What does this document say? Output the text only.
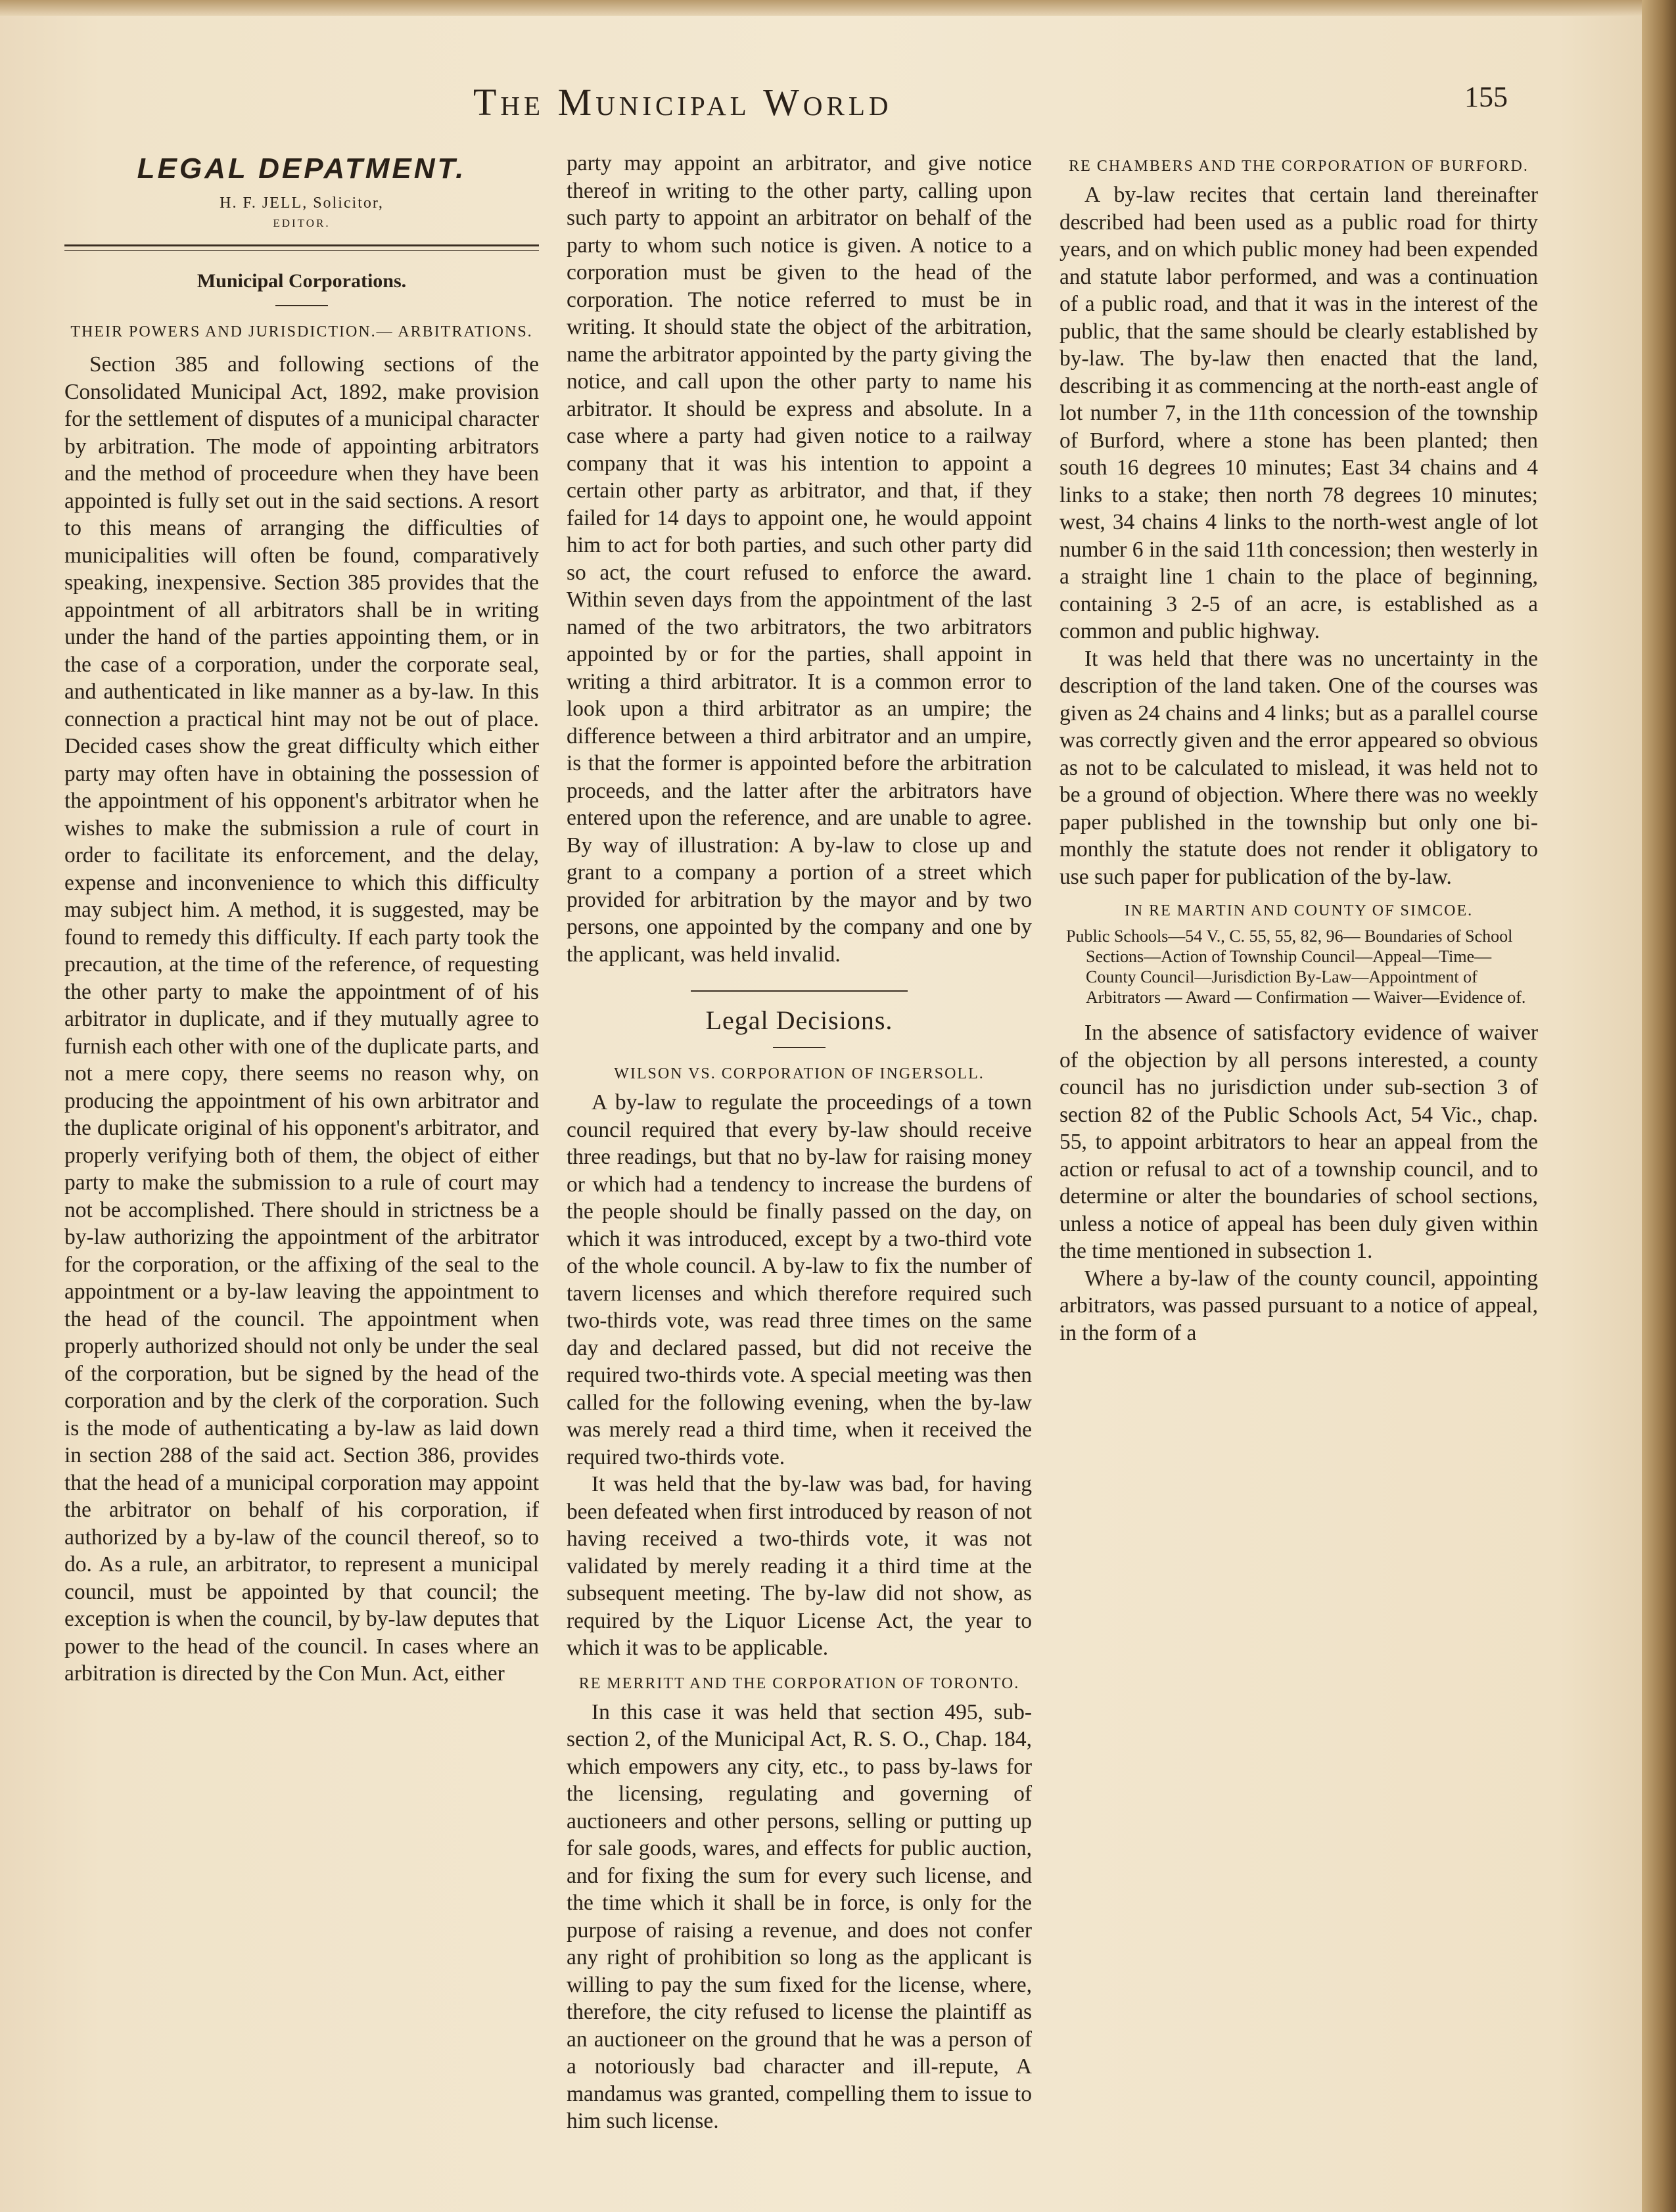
The Municipal World	155
LEGAL DEPATMENT.
H. F. JELL, Solicitor,
EDITOR.
Municipal Corporations.
THEIR POWERS AND JURISDICTION.— ARBITRATIONS.

Section 385 and following sections of the Consolidated Municipal Act, 1892, make provision for the settlement of disputes of a municipal character by arbitration. The mode of appointing arbitrators and the method of proceedure when they have been appointed is fully set out in the said sections. A resort to this means of arranging the difficulties of municipalities will often be found, comparatively speaking, inexpensive. Section 385 provides that the appointment of all arbitrators shall be in writing under the hand of the parties appointing them, or in the case of a corporation, under the corporate seal, and authenticated in like manner as a by-law. In this connection a practical hint may not be out of place. Decided cases show the great difficulty which either party may often have in obtaining the possession of the appointment of his opponent's arbitrator when he wishes to make the submission a rule of court in order to facilitate its enforcement, and the delay, expense and inconvenience to which this difficulty may subject him. A method, it is suggested, may be found to remedy this difficulty. If each party took the precaution, at the time of the reference, of requesting the other party to make the appointment of of his arbitrator in duplicate, and if they mutually agree to furnish each other with one of the duplicate parts, and not a mere copy, there seems no reason why, on producing the appointment of his own arbitrator and the duplicate original of his opponent's arbitrator, and properly verifying both of them, the object of either party to make the submission to a rule of court may not be accomplished. There should in strictness be a by-law authorizing the appointment of the arbitrator for the corporation, or the affixing of the seal to the appointment or a by-law leaving the appointment to the head of the council. The appointment when properly authorized should not only be under the seal of the corporation, but be signed by the head of the corporation and by the clerk of the corporation. Such is the mode of authenticating a by-law as laid down in section 288 of the said act. Section 386, provides that the head of a municipal corporation may appoint the arbitrator on behalf of his corporation, if authorized by a by-law of the council thereof, so to do. As a rule, an arbitrator, to represent a municipal council, must be appointed by that council; the exception is when the council, by by-law deputes that power to the head of the council. In cases where an arbitration is directed by the Con Mun. Act, either

party may appoint an arbitrator, and give notice thereof in writing to the other party, calling upon such party to appoint an arbitrator on behalf of the party to whom such notice is given. A notice to a corporation must be given to the head of the corporation. The notice referred to must be in writing. It should state the object of the arbitration, name the arbitrator appointed by the party giving the notice, and call upon the other party to name his arbitrator. It should be express and absolute. In a case where a party had given notice to a railway company that it was his intention to appoint a certain other party as arbitrator, and that, if they failed for 14 days to appoint one, he would appoint him to act for both parties, and such other party did so act, the court refused to enforce the award. Within seven days from the appointment of the last named of the two arbitrators, the two arbitrators appointed by or for the parties, shall appoint in writing a third arbitrator. It is a common error to look upon a third arbitrator as an umpire; the difference between a third arbitrator and an umpire, is that the former is appointed before the arbitration proceeds, and the latter after the arbitrators have entered upon the reference, and are unable to agree. By way of illustration: A by-law to close up and grant to a company a portion of a street which provided for arbitration by the mayor and by two persons, one appointed by the company and one by the applicant, was held invalid.

Legal Decisions.
WILSON VS. CORPORATION OF INGERSOLL.

A by-law to regulate the proceedings of a town council required that every by-law should receive three readings, but that no by-law for raising money or which had a tendency to increase the burdens of the people should be finally passed on the day, on which it was introduced, except by a two-third vote of the whole council. A by-law to fix the number of tavern licenses and which therefore required such two-thirds vote, was read three times on the same day and declared passed, but did not receive the required two-thirds vote. A special meeting was then called for the following evening, when the by-law was merely read a third time, when it received the required two-thirds vote.

It was held that the by-law was bad, for having been defeated when first introduced by reason of not having received a two-thirds vote, it was not validated by merely reading it a third time at the subsequent meeting. The by-law did not show, as required by the Liquor License Act, the year to which it was to be applicable.

RE MERRITT AND THE CORPORATION OF TORONTO.

In this case it was held that section 495, sub-section 2, of the Municipal Act, R. S. O., Chap. 184, which empowers any city, etc., to pass by-laws for the licensing, regulating and governing of auctioneers and other persons, selling or putting up for sale goods, wares, and effects for public auction, and for fixing the sum for every such license, and the time which it shall be in force, is only for the purpose of raising a revenue, and does not confer any right of prohibition so long as the applicant is willing to pay the sum fixed for the license, where, therefore, the city refused to license the plaintiff as an auctioneer on the ground that he was a person of a notoriously bad character and ill-repute, A mandamus was granted, compelling them to issue to him such license.

RE CHAMBERS AND THE CORPORATION OF BURFORD.

A by-law recites that certain land thereinafter described had been used as a public road for thirty years, and on which public money had been expended and statute labor performed, and was a continuation of a public road, and that it was in the interest of the public, that the same should be clearly established by by-law. The by-law then enacted that the land, describing it as commencing at the north-east angle of lot number 7, in the 11th concession of the township of Burford, where a stone has been planted; then south 16 degrees 10 minutes; East 34 chains and 4 links to a stake; then north 78 degrees 10 minutes; west, 34 chains 4 links to the north-west angle of lot number 6 in the said 11th concession; then westerly in a straight line 1 chain to the place of beginning, containing 3 2-5 of an acre, is established as a common and public highway.

It was held that there was no uncertainty in the description of the land taken. One of the courses was given as 24 chains and 4 links; but as a parallel course was correctly given and the error appeared so obvious as not to be calculated to mislead, it was held not to be a ground of objection. Where there was no weekly paper published in the township but only one bi-monthly the statute does not render it obligatory to use such paper for publication of the by-law.

IN RE MARTIN AND COUNTY OF SIMCOE.
Public Schools—54 V., C. 55, 55, 82, 96— Boundaries of School Sections—Action of Township Council—Appeal—Time—County Council—Jurisdiction By-Law—Appointment of Arbitrators — Award — Confirmation — Waiver—Evidence of.

In the absence of satisfactory evidence of waiver of the objection by all persons interested, a county council has no jurisdiction under sub-section 3 of section 82 of the Public Schools Act, 54 Vic., chap. 55, to appoint arbitrators to hear an appeal from the action or refusal to act of a township council, and to determine or alter the boundaries of school sections, unless a notice of appeal has been duly given within the time mentioned in subsection 1.

Where a by-law of the county council, appointing arbitrators, was passed pursuant to a notice of appeal, in the form of a
